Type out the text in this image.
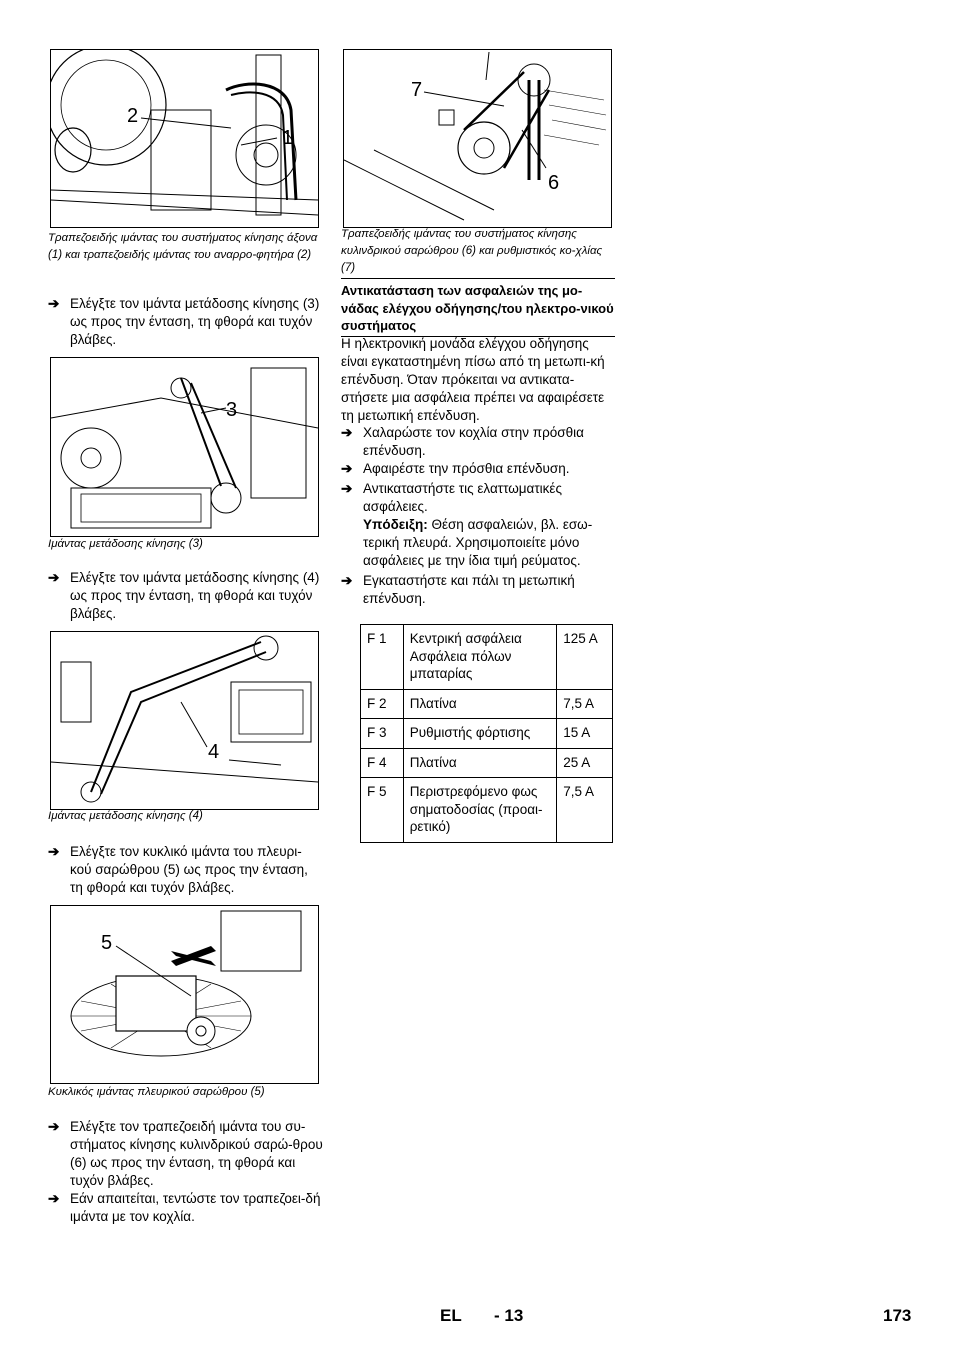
2
1
Τραπεζοειδής ιμάντας του συστήματος κίνησης άξονα (1) και τραπεζοειδής ιμάντας του αναρρο-φητήρα (2)
➔ Ελέγξτε τον ιμάντα μετάδοσης κίνησης (3) ως προς την ένταση, τη φθορά και τυχόν βλάβες.
3
Ιμάντας μετάδοσης κίνησης (3)
➔ Ελέγξτε τον ιμάντα μετάδοσης κίνησης (4) ως προς την ένταση, τη φθορά και τυχόν βλάβες.
4
Ιμάντας μετάδοσης κίνησης (4)
➔ Ελέγξτε τον κυκλικό ιμάντα του πλευρι-κού σαρώθρου (5) ως προς την ένταση, τη φθορά και τυχόν βλάβες.
5
Κυκλικός ιμάντας πλευρικού σαρώθρου (5)
➔ Ελέγξτε τον τραπεζοειδή ιμάντα του συ-στήματος κίνησης κυλινδρικού σαρώ-θρου (6) ως προς την ένταση, τη φθορά και τυχόν βλάβες.
➔ Εάν απαιτείται, τεντώστε τον τραπεζοει-δή ιμάντα με τον κοχλία.
7
6
Τραπεζοειδής ιμάντας του συστήματος κίνησης κυλινδρικού σαρώθρου (6) και ρυθμιστικός κο-χλίας (7)
Αντικατάσταση των ασφαλειών της μο-νάδας ελέγχου οδήγησης/του ηλεκτρο-νικού συστήματος
Η ηλεκτρονική μονάδα ελέγχου οδήγησης είναι εγκαταστημένη πίσω από τη μετωπι-κή επένδυση. Όταν πρόκειται να αντικατα-στήσετε μια ασφάλεια πρέπει να αφαιρέσετε τη μετωπική επένδυση.
➔ Χαλαρώστε τον κοχλία στην πρόσθια επένδυση.
➔ Αφαιρέστε την πρόσθια επένδυση.
➔ Αντικαταστήστε τις ελαττωματικές ασφάλειες.
Υπόδειξη: Θέση ασφαλειών, βλ. εσω-τερική πλευρά. Χρησιμοποιείτε μόνο ασφάλειες με την ίδια τιμή ρεύματος.
➔ Εγκαταστήστε και πάλι τη μετωπική επένδυση.
F 1	Κεντρική ασφάλεια Ασφάλεια πόλων μπαταρίας	125 A
F 2	Πλατίνα	7,5 A
F 3	Ρυθμιστής φόρτισης	15 A
F 4	Πλατίνα	25 A
F 5	Περιστρεφόμενο φως σηματοδοσίας (προαι-ρετικό)	7,5 A
EL - 13	173
